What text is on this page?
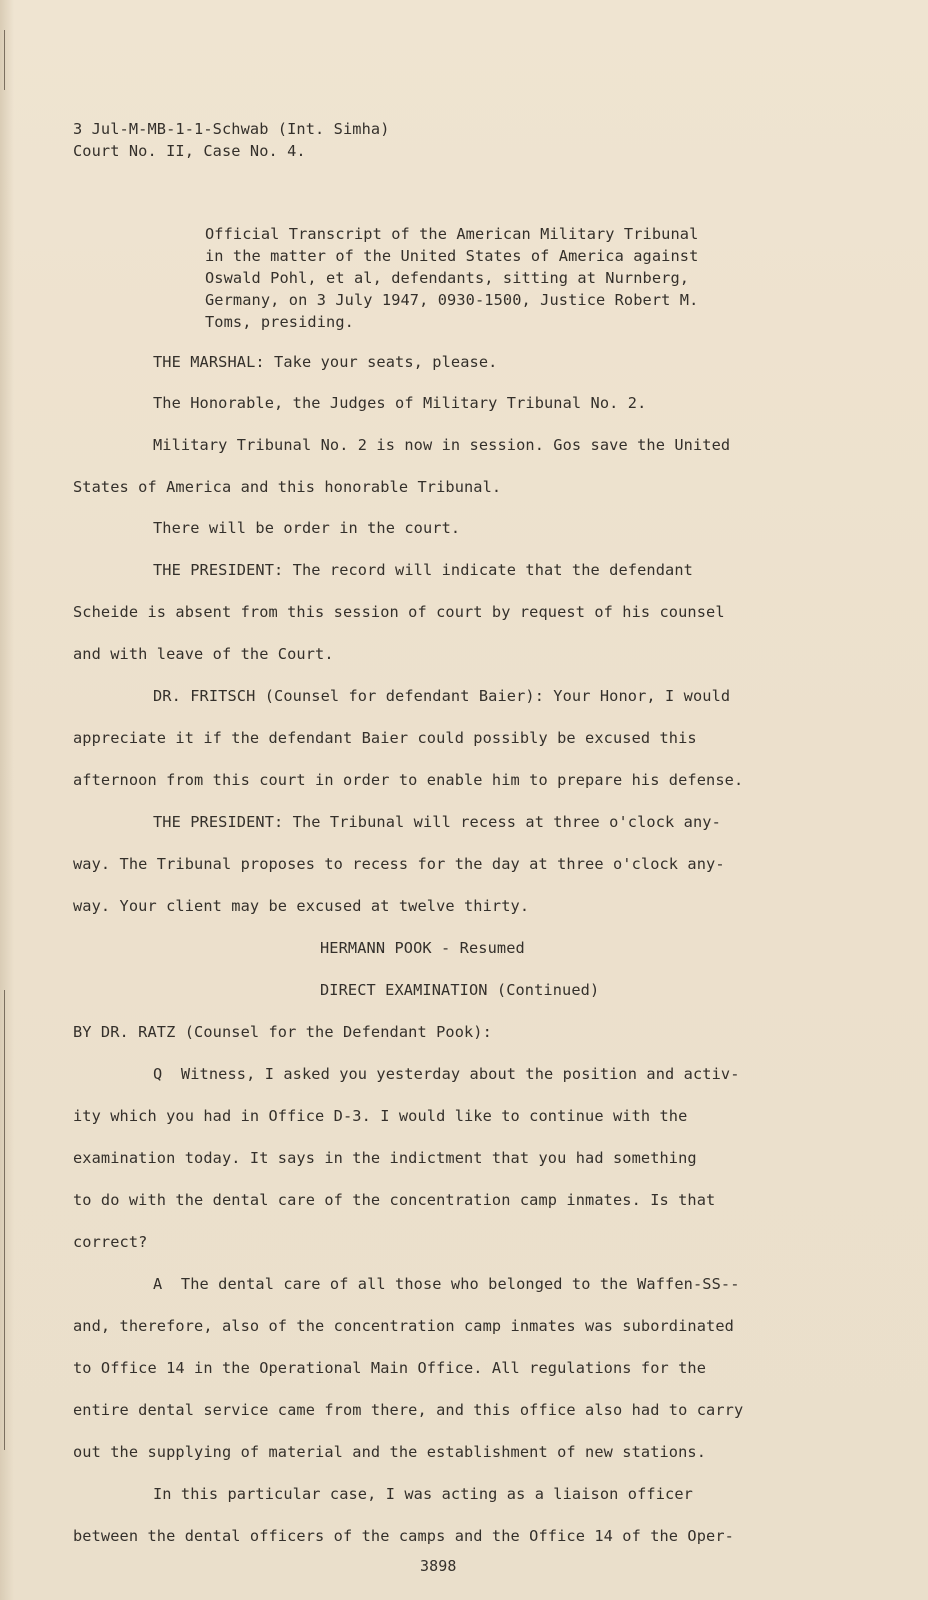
3 Jul-M-MB-1-1-Schwab (Int. Simha)
Court No. II, Case No. 4.
Official Transcript of the American Military Tribunal
in the matter of the United States of America against
Oswald Pohl, et al, defendants, sitting at Nurnberg,
Germany, on 3 July 1947, 0930-1500, Justice Robert M.
Toms, presiding.
THE MARSHAL: Take your seats, please.
The Honorable, the Judges of Military Tribunal No. 2.
Military Tribunal No. 2 is now in session. Gos save the United
States of America and this honorable Tribunal.
There will be order in the court.
THE PRESIDENT: The record will indicate that the defendant
Scheide is absent from this session of court by request of his counsel
and with leave of the Court.
DR. FRITSCH (Counsel for defendant Baier): Your Honor, I would
appreciate it if the defendant Baier could possibly be excused this
afternoon from this court in order to enable him to prepare his defense.
THE PRESIDENT: The Tribunal will recess at three o'clock any-
way. The Tribunal proposes to recess for the day at three o'clock any-
way. Your client may be excused at twelve thirty.
HERMANN POOK - Resumed
DIRECT EXAMINATION (Continued)
BY DR. RATZ (Counsel for the Defendant Pook):
Q  Witness, I asked you yesterday about the position and activ-
ity which you had in Office D-3. I would like to continue with the
examination today. It says in the indictment that you had something
to do with the dental care of the concentration camp inmates. Is that
correct?
A  The dental care of all those who belonged to the Waffen-SS--
and, therefore, also of the concentration camp inmates was subordinated
to Office 14 in the Operational Main Office. All regulations for the
entire dental service came from there, and this office also had to carry
out the supplying of material and the establishment of new stations.
In this particular case, I was acting as a liaison officer
between the dental officers of the camps and the Office 14 of the Oper-
3898
